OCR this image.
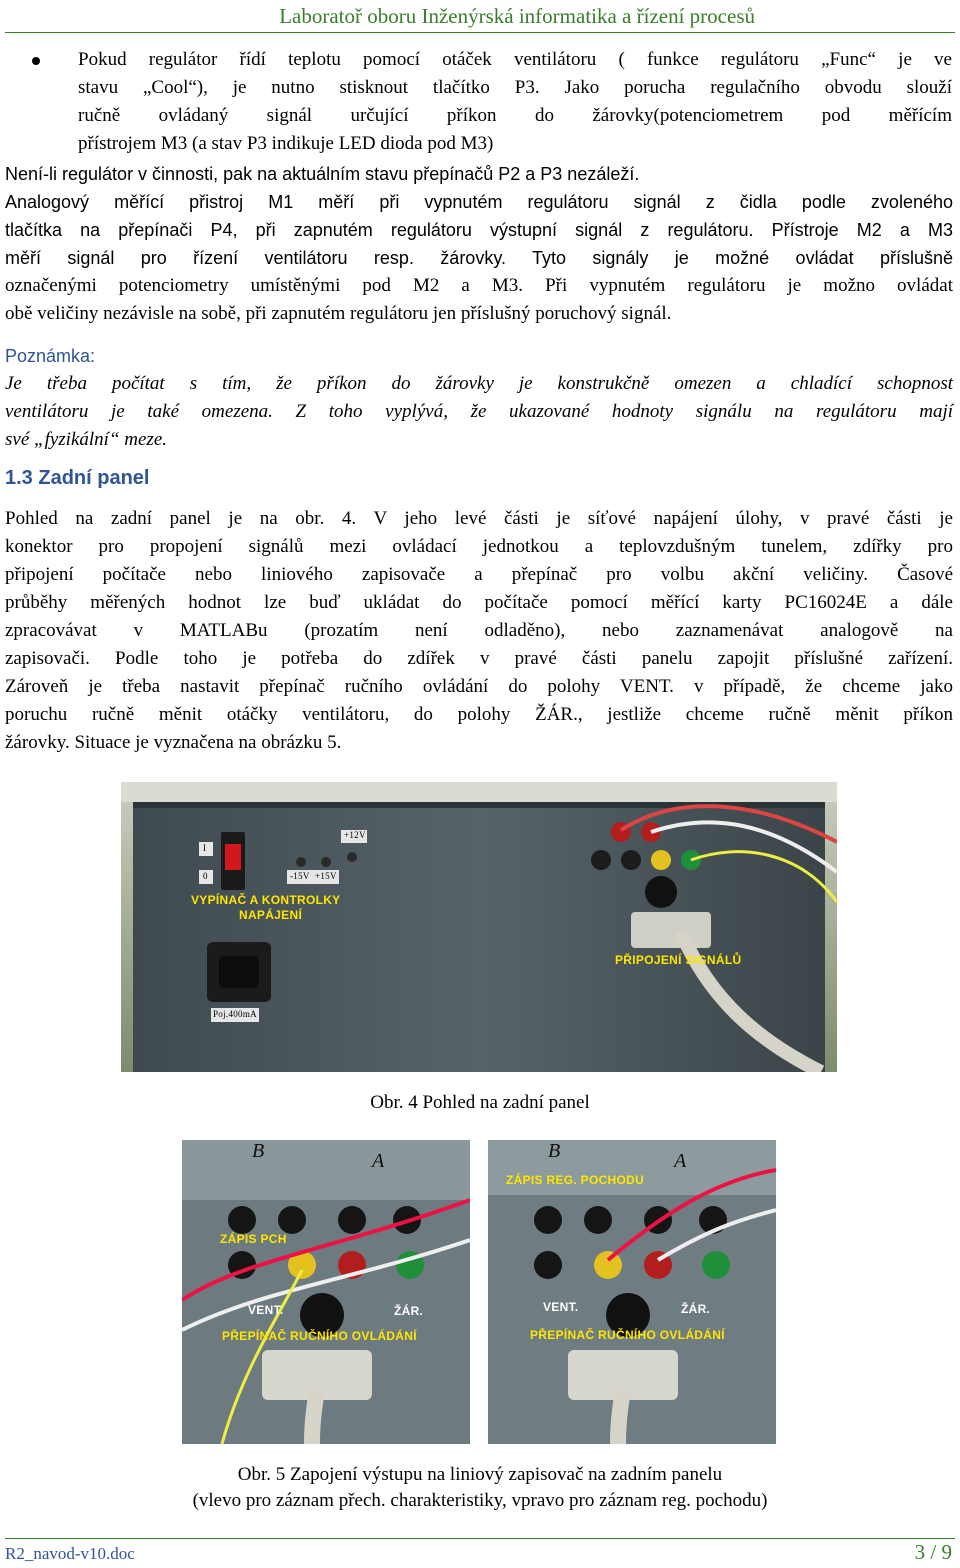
Laboratoř oboru Inženýrská informatika a řízení procesů
Pokud regulátor řídí teplotu pomocí otáček ventilátoru ( funkce regulátoru „Func“ je ve
stavu „Cool“), je nutno stisknout tlačítko P3. Jako porucha regulačního obvodu slouží
ručně ovládaný signál určující příkon do žárovky(potenciometrem pod měřícím
přístrojem M3 (a stav P3 indikuje LED dioda pod M3)
Není-li regulátor v činnosti, pak na aktuálním stavu přepínačů P2 a P3 nezáleží.
Analogový měřící přistroj M1 měří při vypnutém regulátoru signál z čidla podle zvoleného
tlačítka na přepínači P4, při zapnutém regulátoru výstupní signál z regulátoru. Přístroje M2 a M3
měří signál pro řízení ventilátoru resp. žárovky. Tyto signály je možné ovládat příslušně
označenými potenciometry umístěnými pod M2 a M3. Při vypnutém regulátoru je možno ovládat
obě veličiny nezávisle na sobě, při zapnutém regulátoru jen příslušný poruchový signál.
Poznámka:
Je třeba počítat s tím, že příkon do žárovky je konstrukčně omezen a chladící schopnost
ventilátoru je také omezena. Z toho vyplývá, že ukazované hodnoty signálu na regulátoru mají
své „fyzikální“ meze.
1.3 Zadní panel
Pohled na zadní panel je na obr. 4. V jeho levé části je síťové napájení úlohy, v pravé části je
konektor pro propojení signálů mezi ovládací jednotkou a teplovzdušným tunelem, zdířky pro
připojení počítače nebo liniového zapisovače a přepínač pro volbu akční veličiny. Časové
průběhy měřených hodnot lze buď ukládat do počítače pomocí měřící karty PC16024E a dále
zpracovávat v MATLABu (prozatím není odladěno), nebo zaznamenávat analogově na
zapisovači. Podle toho je potřeba do zdířek v pravé části panelu zapojit příslušné zařízení.
Zároveň je třeba nastavit přepínač ručního ovládání do polohy VENT. v případě, že chceme jako
poruchu ručně měnit otáčky ventilátoru, do polohy ŽÁR., jestliže chceme ručně měnit příkon
žárovky. Situace je vyznačena na obrázku 5.
VYPÍNAČ A KONTROLKY
NAPÁJENÍ
PŘIPOJENÍ SIGNÁLŮ
+12V
-15V +15V
I
0
Poj.400mA
Obr. 4 Pohled na zadní panel
B	A
ZÁPIS PCH
VENT.	ŽÁR.
PŘEPÍNAČ RUČNÍHO OVLÁDÁNÍ
B	A
ZÁPIS REG. POCHODU
VENT.	ŽÁR.
PŘEPÍNAČ RUČNÍHO OVLÁDÁNÍ
Obr. 5 Zapojení výstupu na liniový zapisovač na zadním panelu
(vlevo pro záznam přech. charakteristiky, vpravo pro záznam reg. pochodu)
R2_navod-v10.doc	3 / 9
